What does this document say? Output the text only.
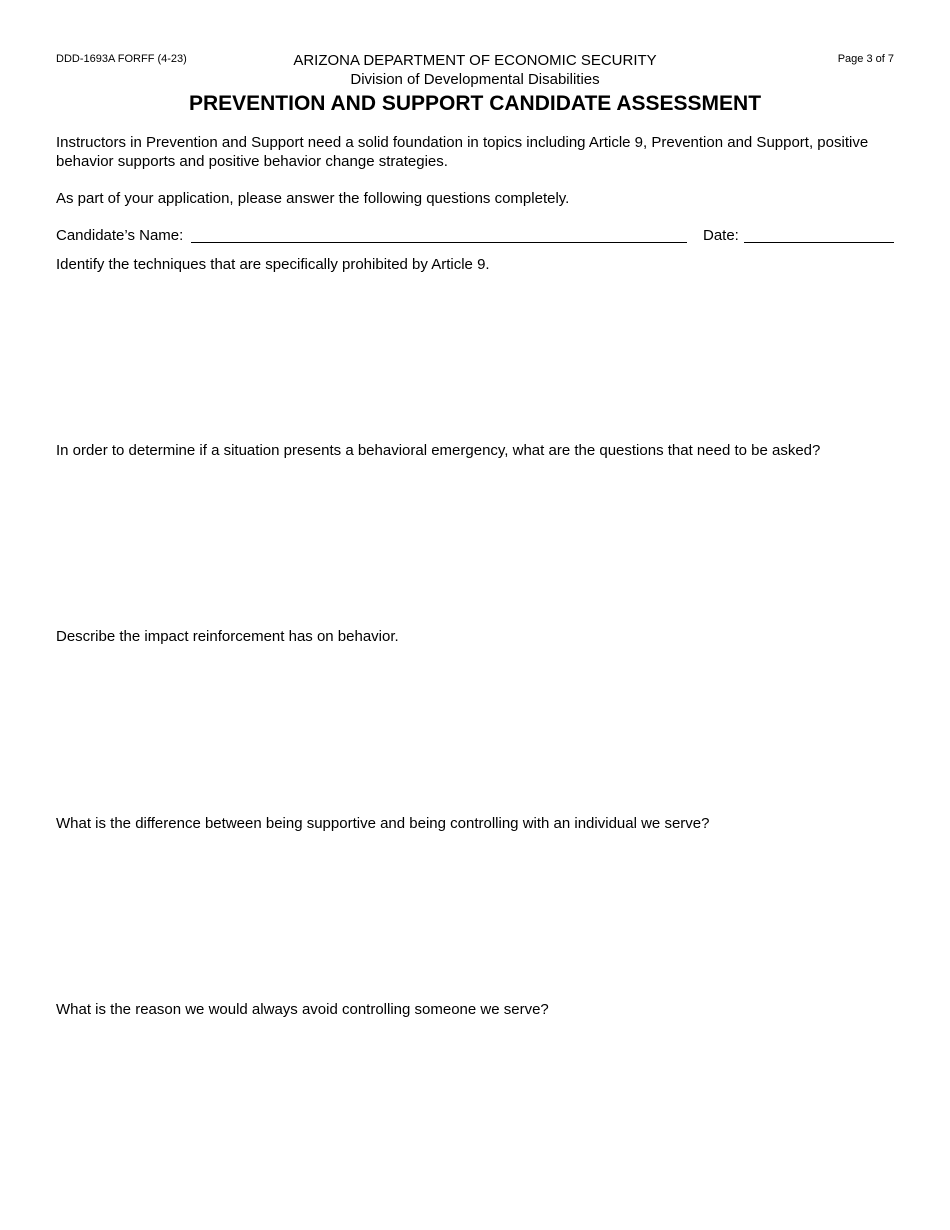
DDD-1693A FORFF (4-23)	Page 3 of 7
ARIZONA DEPARTMENT OF ECONOMIC SECURITY
Division of Developmental Disabilities
PREVENTION AND SUPPORT CANDIDATE ASSESSMENT
Instructors in Prevention and Support need a solid foundation in topics including Article 9, Prevention and Support, positive behavior supports and positive behavior change strategies.
As part of your application, please answer the following questions completely.
Candidate’s Name:	Date:
Identify the techniques that are specifically prohibited by Article 9.
In order to determine if a situation presents a behavioral emergency, what are the questions that need to be asked?
Describe the impact reinforcement has on behavior.
What is the difference between being supportive and being controlling with an individual we serve?
What is the reason we would always avoid controlling someone we serve?
